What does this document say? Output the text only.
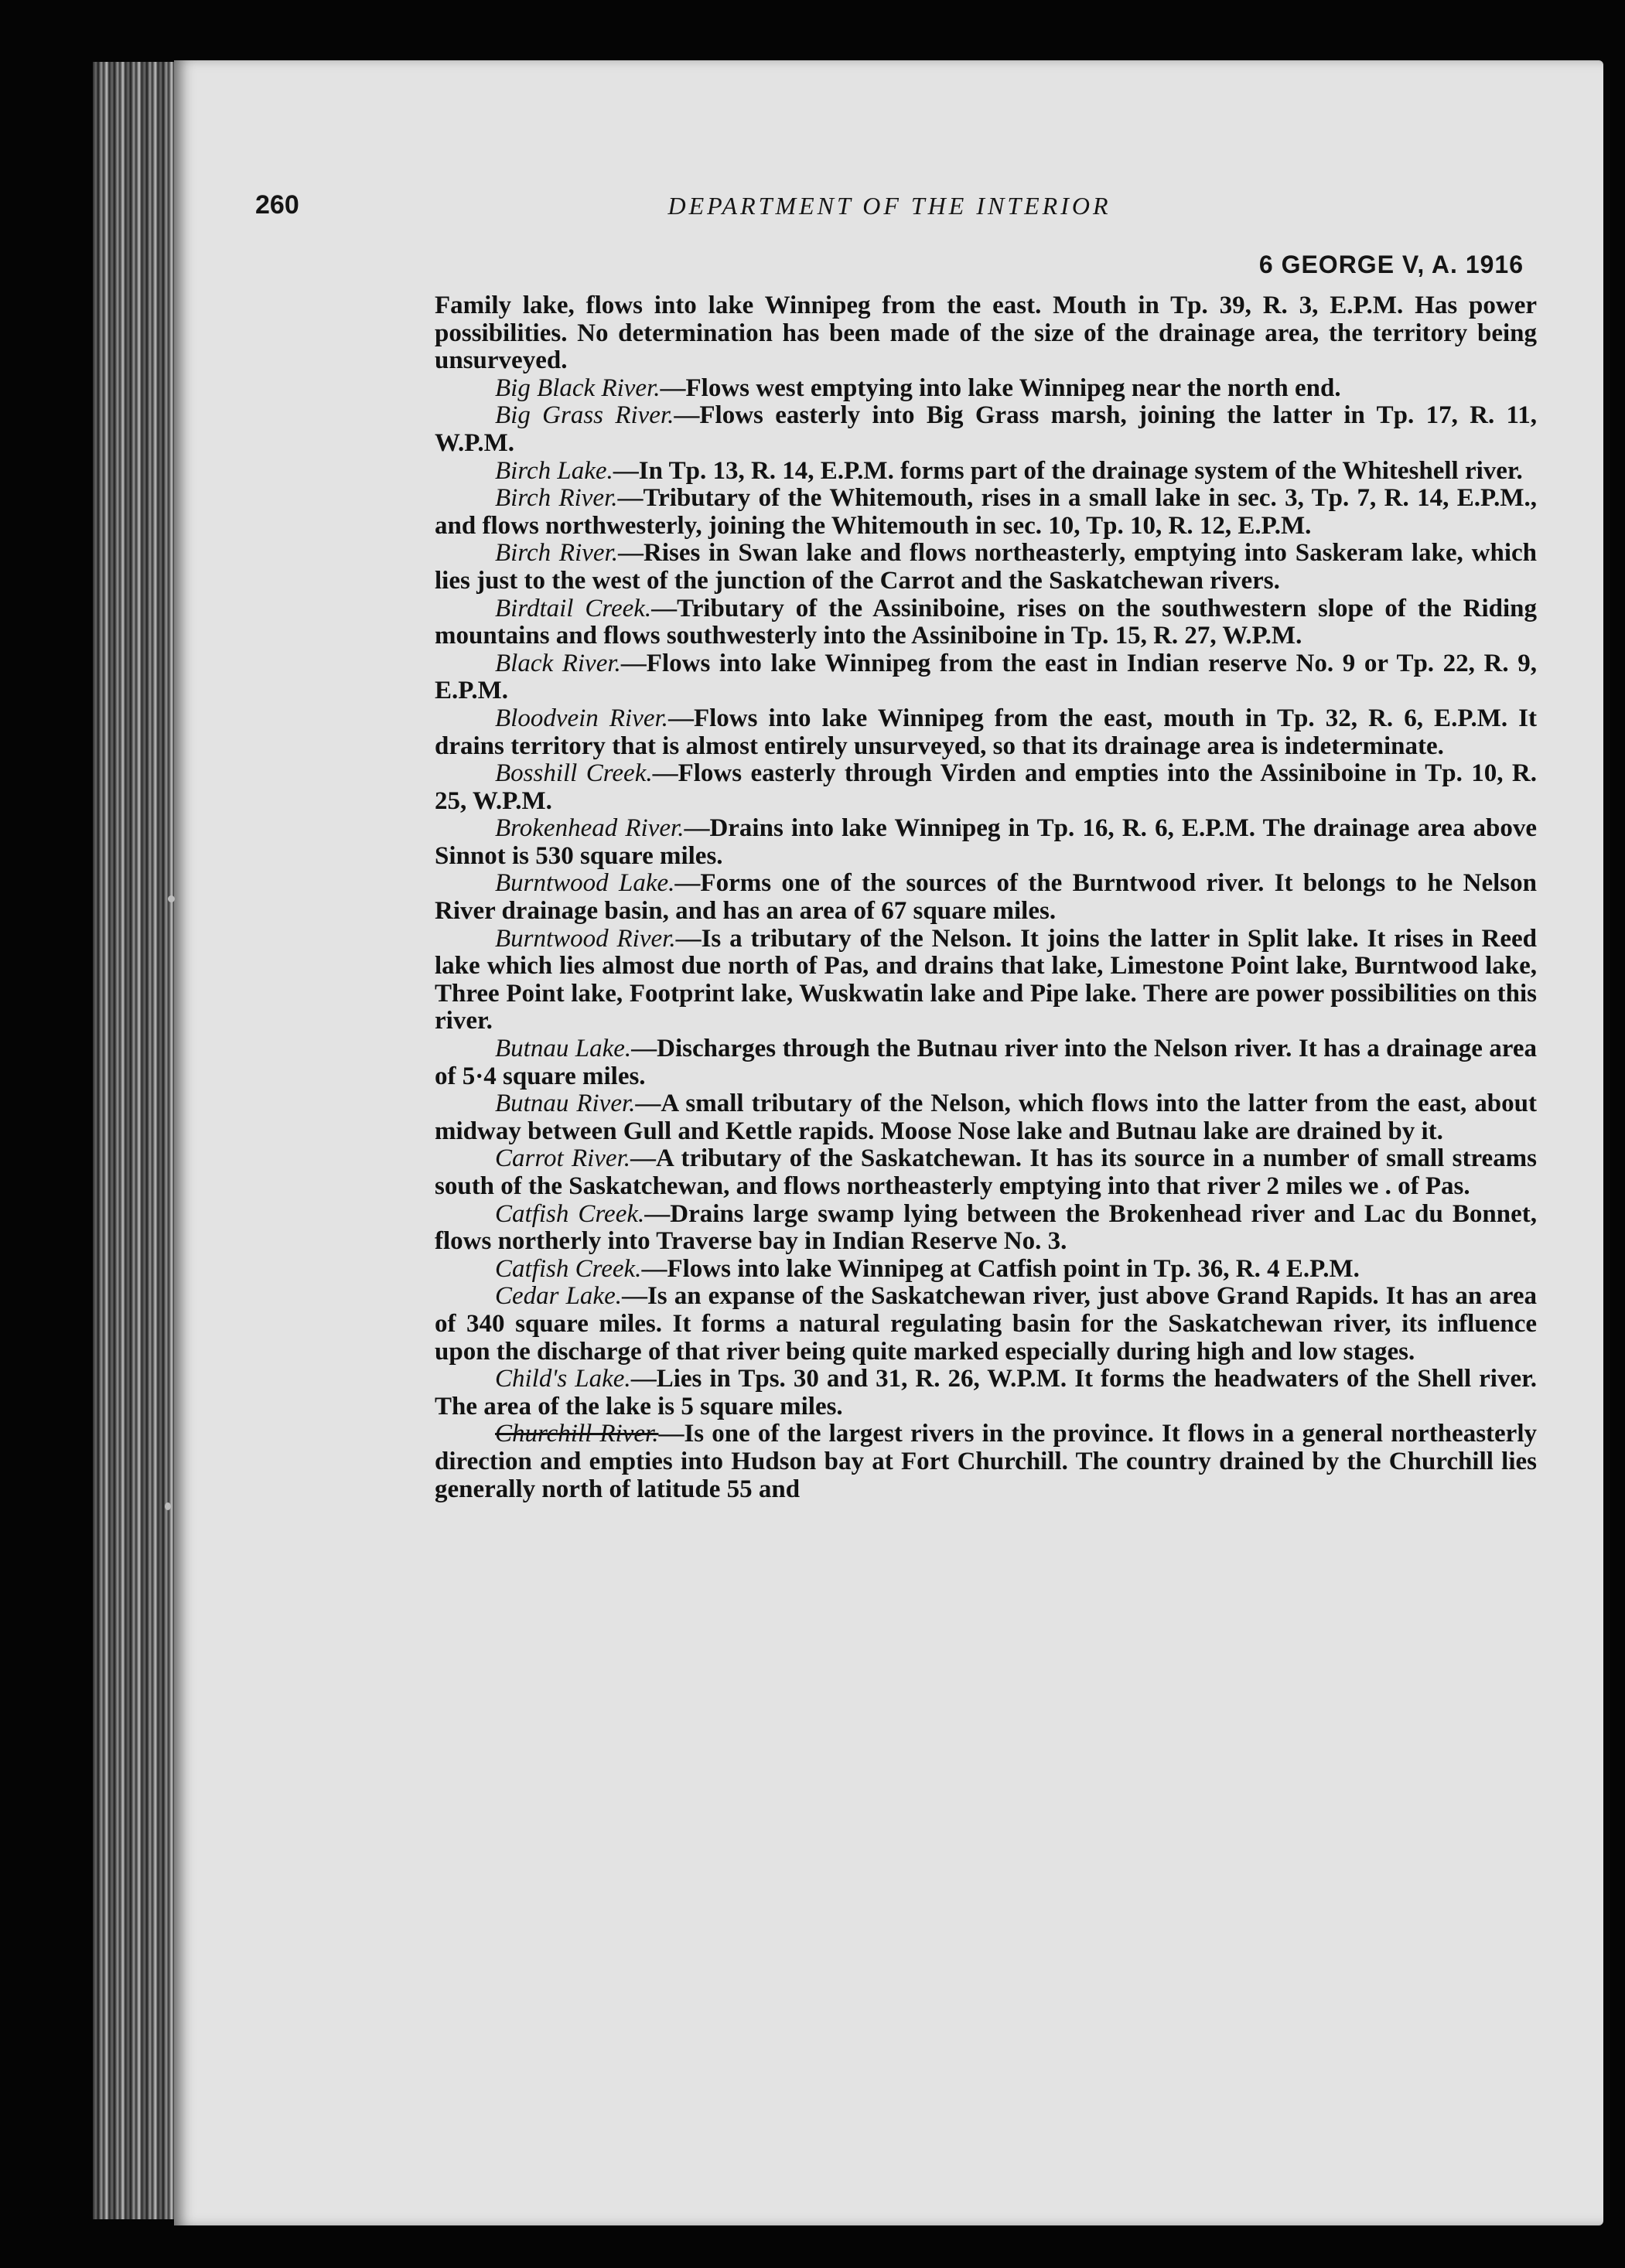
260	DEPARTMENT OF THE INTERIOR
6 GEORGE V, A. 1916

Family lake, flows into lake Winnipeg from the east. Mouth in Tp. 39, R. 3, E.P.M. Has power possibilities. No determination has been made of the size of the drainage area, the territory being unsurveyed.

Big Black River.—Flows west emptying into lake Winnipeg near the north end.

Big Grass River.—Flows easterly into Big Grass marsh, joining the latter in Tp. 17, R. 11, W.P.M.

Birch Lake.—In Tp. 13, R. 14, E.P.M. forms part of the drainage system of the Whiteshell river.

Birch River.—Tributary of the Whitemouth, rises in a small lake in sec. 3, Tp. 7, R. 14, E.P.M., and flows northwesterly, joining the Whitemouth in sec. 10, Tp. 10, R. 12, E.P.M.

Birch River.—Rises in Swan lake and flows northeasterly, emptying into Saskeram lake, which lies just to the west of the junction of the Carrot and the Saskatchewan rivers.

Birdtail Creek.—Tributary of the Assiniboine, rises on the southwestern slope of the Riding mountains and flows southwesterly into the Assiniboine in Tp. 15, R. 27, W.P.M.

Black River.—Flows into lake Winnipeg from the east in Indian reserve No. 9 or Tp. 22, R. 9, E.P.M.

Bloodvein River.—Flows into lake Winnipeg from the east, mouth in Tp. 32, R. 6, E.P.M. It drains territory that is almost entirely unsurveyed, so that its drainage area is indeterminate.

Bosshill Creek.—Flows easterly through Virden and empties into the Assiniboine in Tp. 10, R. 25, W.P.M.

Brokenhead River.—Drains into lake Winnipeg in Tp. 16, R. 6, E.P.M. The drainage area above Sinnot is 530 square miles.

Burntwood Lake.—Forms one of the sources of the Burntwood river. It belongs to he Nelson River drainage basin, and has an area of 67 square miles.

Burntwood River.—Is a tributary of the Nelson. It joins the latter in Split lake. It rises in Reed lake which lies almost due north of Pas, and drains that lake, Limestone Point lake, Burntwood lake, Three Point lake, Footprint lake, Wuskwatin lake and Pipe lake. There are power possibilities on this river.

Butnau Lake.—Discharges through the Butnau river into the Nelson river. It has a drainage area of 5·4 square miles.

Butnau River.—A small tributary of the Nelson, which flows into the latter from the east, about midway between Gull and Kettle rapids. Moose Nose lake and Butnau lake are drained by it.

Carrot River.—A tributary of the Saskatchewan. It has its source in a number of small streams south of the Saskatchewan, and flows northeasterly emptying into that river 2 miles we . of Pas.

Catfish Creek.—Drains large swamp lying between the Brokenhead river and Lac du Bonnet, flows northerly into Traverse bay in Indian Reserve No. 3.

Catfish Creek.—Flows into lake Winnipeg at Catfish point in Tp. 36, R. 4 E.P.M.

Cedar Lake.—Is an expanse of the Saskatchewan river, just above Grand Rapids. It has an area of 340 square miles. It forms a natural regulating basin for the Saskatchewan river, its influence upon the discharge of that river being quite marked especially during high and low stages.

Child's Lake.—Lies in Tps. 30 and 31, R. 26, W.P.M. It forms the headwaters of the Shell river. The area of the lake is 5 square miles.

Churchill River.—Is one of the largest rivers in the province. It flows in a general northeasterly direction and empties into Hudson bay at Fort Churchill. The country drained by the Churchill lies generally north of latitude 55 and
